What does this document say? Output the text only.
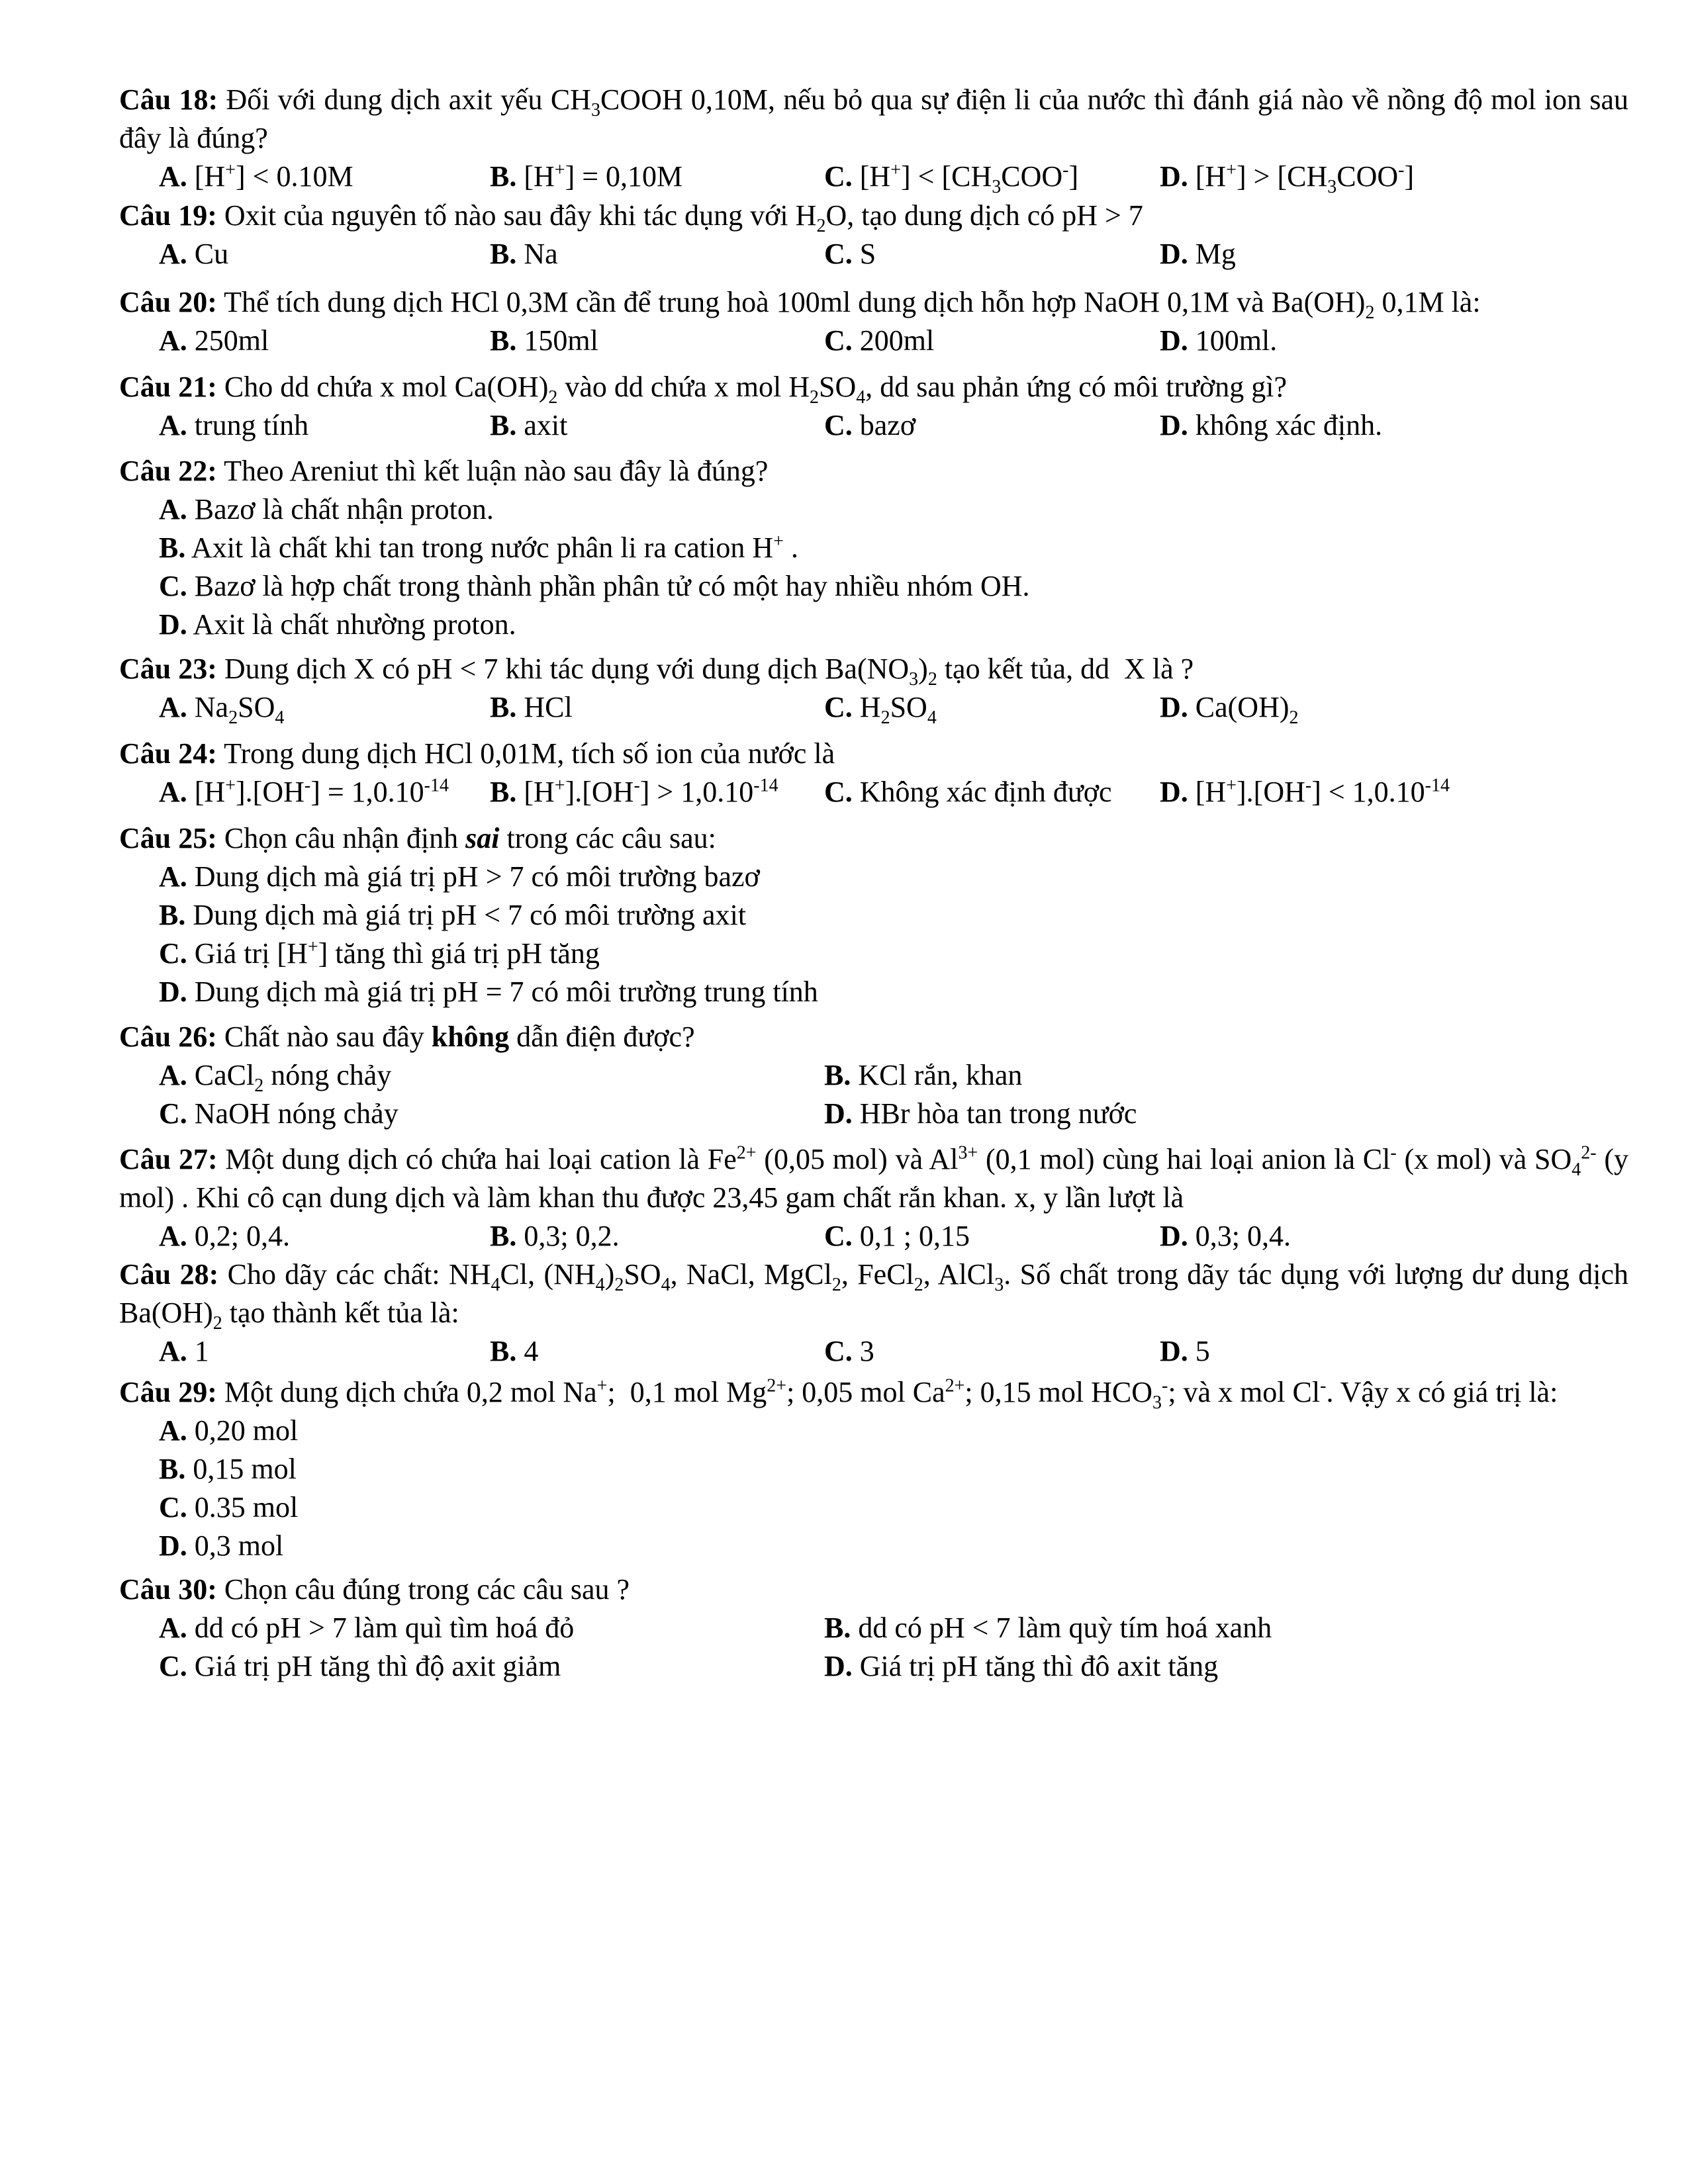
Câu 18: Đối với dung dịch axit yếu $CH_3COOH$ 0,10M, nếu bỏ qua sự điện li của nước thì đánh giá nào về nồng độ mol ion sau đây là đúng?
A. [H+] < 0.10M	B. [H+] = 0,10M	C. $[H^+] < [CH_3COO^-]$	D. $[H^+] > [CH_3COO^-]$
Câu 19: Oxit của nguyên tố nào sau đây khi tác dụng với $H_2O$, tạo dung dịch có pH > 7
A. Cu	B. Na	C. S	D. Mg
Câu 20: Thể tích dung dịch HCl 0,3M cần để trung hoà 100ml dung dịch hỗn hợp NaOH 0,1M và $Ba(OH)_2$ 0,1M là:
A. 250ml	B. 150ml	C. 200ml	D. 100ml.
Câu 21: Cho dd chứa x mol $Ca(OH)_2$ vào dd chứa x mol $H_2SO_4$, dd sau phản ứng có môi trường gì?
A. trung tính	B. axit	C. bazơ	D. không xác định.
Câu 22: Theo Areniut thì kết luận nào sau đây là đúng?
A. Bazơ là chất nhận proton.
B. Axit là chất khi tan trong nước phân li ra cation H+ .
C. Bazơ là hợp chất trong thành phần phân tử có một hay nhiều nhóm OH.
D. Axit là chất nhường proton.
Câu 23: Dung dịch X có pH < 7 khi tác dụng với dung dịch $Ba(NO_3)_2$ tạo kết tủa, dd  X là ?
A. $Na_2SO_4$	B. HCl	C. $H_2SO_4$	D. $Ca(OH)_2$
Câu 24: Trong dung dịch HCl 0,01M, tích số ion của nước là
A. $[H^+].[OH^-] = 1,0.10^{-14}$ B. $[H^+].[OH^-] > 1,0.10^{-14}$ C. Không xác định được D. $[H^+].[OH^-] < 1,0.10^{-14}$
Câu 25: Chọn câu nhận định sai trong các câu sau:
A. Dung dịch mà giá trị pH > 7 có môi trường bazơ
B. Dung dịch mà giá trị pH < 7 có môi trường axit
C. Giá trị [H+] tăng thì giá trị pH tăng
D. Dung dịch mà giá trị pH = 7 có môi trường trung tính
Câu 26: Chất nào sau đây không dẫn điện được?
A. CaCl$_2$ nóng chảy	B. KCl rắn, khan
C. NaOH nóng chảy	D. HBr hòa tan trong nước
Câu 27: Một dung dịch có chứa hai loại cation là $Fe^{2+}$ (0,05 mol) và $Al^{3+}$ (0,1 mol) cùng hai loại anion là Cl- (x mol) và $SO_4^{2-}$ (y mol) . Khi cô cạn dung dịch và làm khan thu được 23,45 gam chất rắn khan. x, y lần lượt là
A. 0,2; 0,4.	B. 0,3; 0,2.	C. 0,1 ; 0,15	D. 0,3; 0,4.
Câu 28: Cho dãy các chất: $NH_4Cl$, $(NH_4)_2SO_4$, NaCl, MgCl$_2$, FeCl$_2$, AlCl$_3$. Số chất trong dãy tác dụng với lượng dư dung dịch $Ba(OH)_2$ tạo thành kết tủa là:
A. 1	B. 4	C. 3	D. 5
Câu 29: Một dung dịch chứa 0,2 mol Na+;  0,1 mol $Mg^{2+}$; 0,05 mol $Ca^{2+}$; 0,15 mol $HCO_3^-$; và x mol Cl-. Vậy x có giá trị là:
A. 0,20 mol
B. 0,15 mol
C. 0.35 mol
D. 0,3 mol
Câu 30: Chọn câu đúng trong các câu sau ?
A. dd có pH > 7 làm quì tìm hoá đỏ	B. dd có pH < 7 làm quỳ tím hoá xanh
C. Giá trị pH tăng thì độ axit giảm	D. Giá trị pH tăng thì đô axit tăng
